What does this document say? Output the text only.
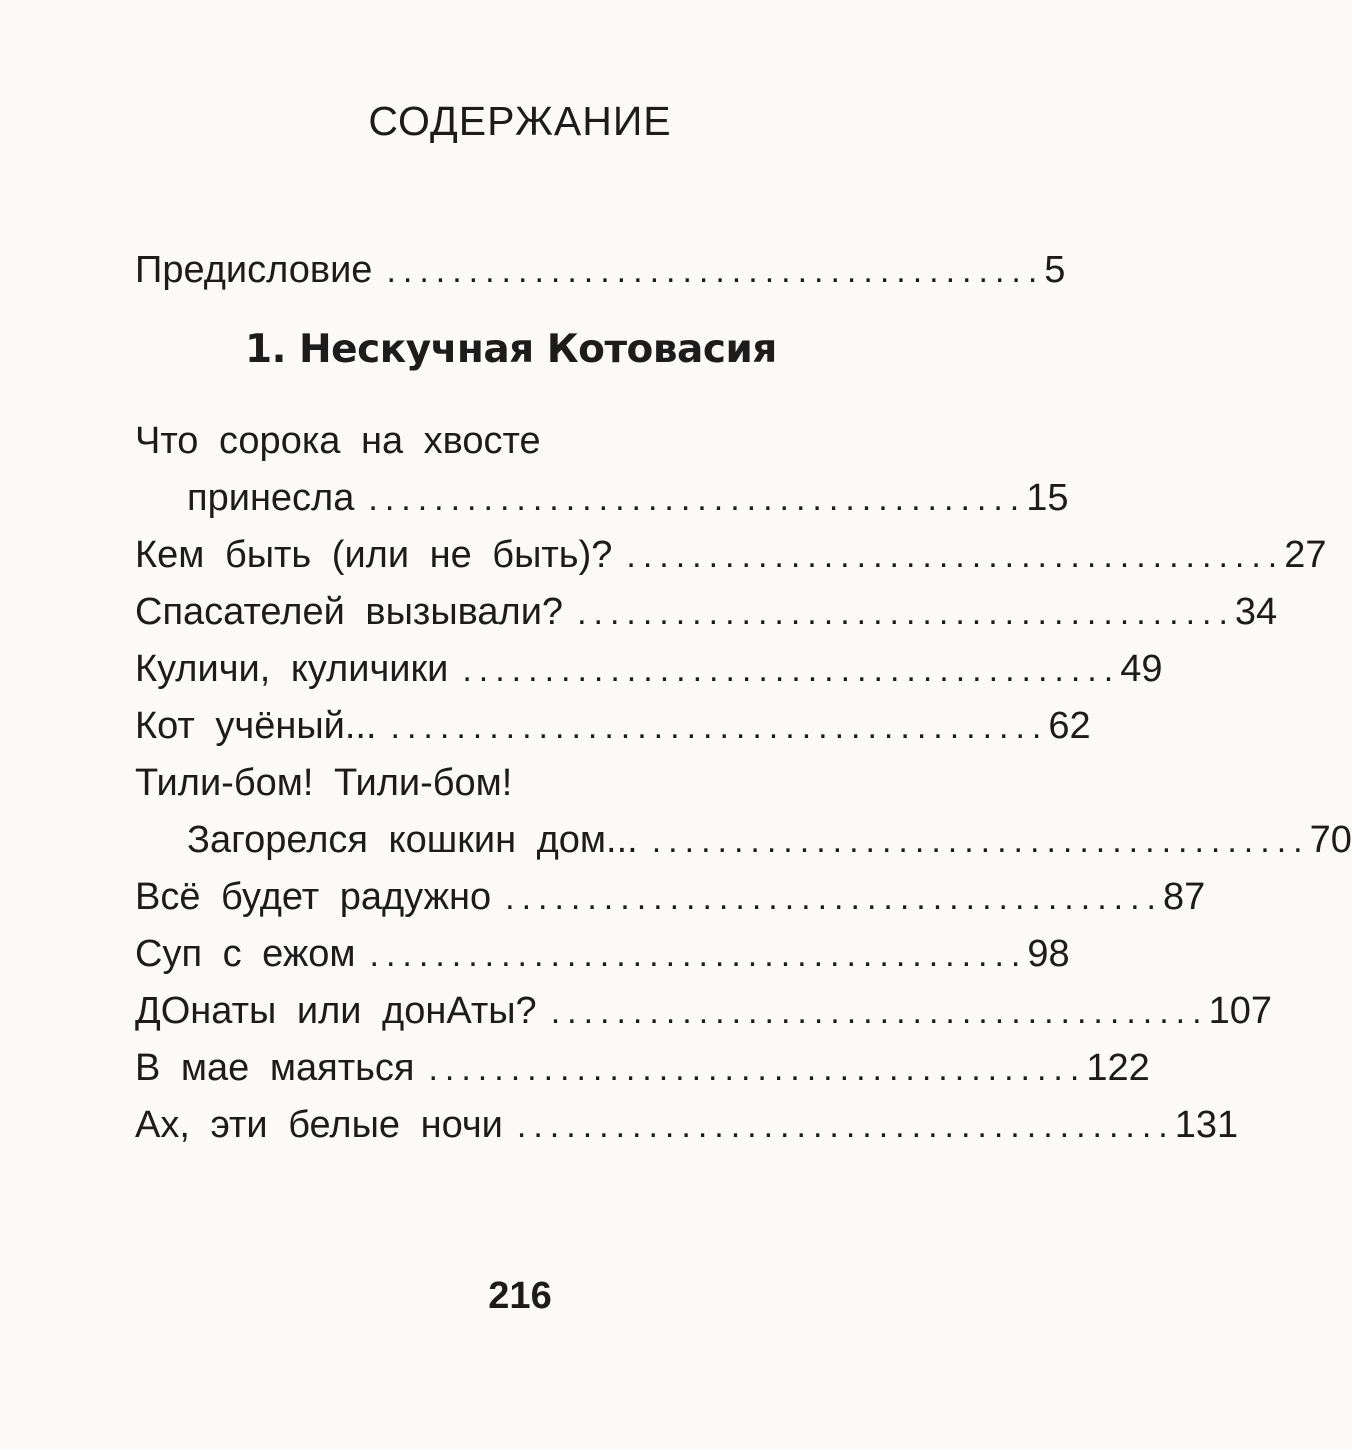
СОДЕРЖАНИЕ
Предисловие ........................................ 5
1. Нескучная Котовасия
Что сорока на хвосте
принесла ........................................ 15
Кем быть (или не быть)? ........................................ 27
Спасателей вызывали? ........................................ 34
Куличи, куличики ........................................ 49
Кот учёный... ........................................ 62
Тили-бом! Тили-бом!
Загорелся кошкин дом... ........................................ 70
Всё будет радужно ........................................ 87
Суп с ежом ........................................ 98
ДОнаты или донАты? ........................................ 107
В мае маяться ........................................ 122
Ах, эти белые ночи ........................................ 131
216
